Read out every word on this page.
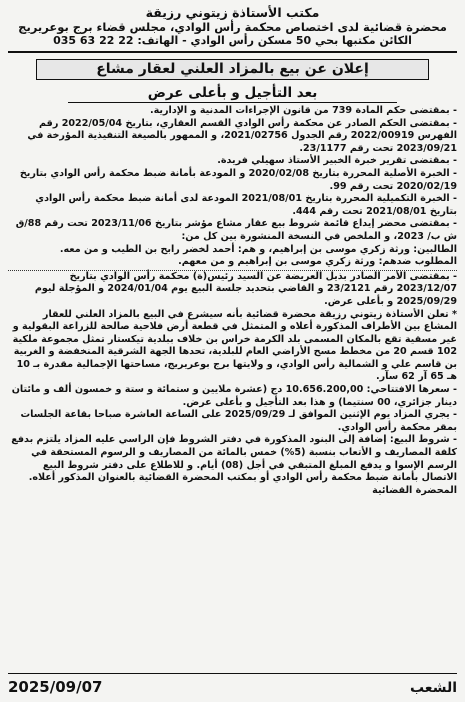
مكتب الأستاذة زيتوني رزيقة
محضرة قضائية لدى اختصاص محكمة رأس الوادي، مجلس قضاء برج بوعريريج
الكائن مكتبها بحي 50 مسكن رأس الوادي - الهاتف: 22 22 63 035
إعلان عن بيع بالمزاد العلني لعقار مشاع
بعد التأجيل و بأعلى عرض

- بمقتضى حكم المادة 739 من قانون الإجراءات المدنية و الإدارية.

- بمقتضى الحكم الصادر عن محكمة رأس الوادي القسم العقاري، بتاريخ 2022/05/04 رقم الفهرس 2022/00919 رقم الجدول 2021/02756، و الممهور بالصيغة التنفيذية المؤرخة في 2023/09/21 تحت رقم 23/1177.

- بمقتضى تقرير خبرة الخبير الأستاذ سهيلي فريدة.

- الخبرة الأصلية المحررة بتاريخ 2020/02/08 و المودعة بأمانة ضبط محكمة رأس الوادي بتاريخ 2020/02/19 تحت رقم 99.

- الخبرة التكميلية المحررة بتاريخ 2021/08/01 المودعة لدى أمانة ضبط محكمة رأس الوادي بتاريخ 2021/08/01 تحت رقم 444.

- بمقتضى محضر إيداع قائمة شروط بيع عقار مشاع مؤشر بتاريخ 2023/11/06 تحت رقم 88/ق ش ب/ 2023، و الملخص في النسخة المنشورة بين كل من:

الطالبين: ورثة زكري موسى بن إبراهيم، و هم: أحمد لخضر رابح بن الطيب و من معه.

المطلوب ضدهم: ورثة زكري موسى بن إبراهيم و من معهم.

- بمقتضى الأمر الصادر بذيل العريضة عن السيد رئيس(ة) محكمة رأس الوادي بتاريخ 2023/12/07 رقم 23/2121 و القاضي بتحديد جلسة البيع يوم 2024/01/04 و المؤجلة ليوم 2025/09/29 و بأعلى عرض.

* تعلن الأستاذة زيتوني رزيقة محضرة قضائية بأنه سيشرع في البيع بالمزاد العلني للعقار المشاع بين الأطراف المذكورة أعلاه و المتمثل في قطعة أرض فلاحية صالحة للزراعة البقولية و غير مسقية تقع بالمكان المسمى بلد الكرمة خراس بن خلاف ببلدية تيكستار تمثل مجموعة ملكية 102 قسم 20 من مخطط مسح الأراضي العام للبلدية، تحدها الجهة الشرقية المنخفضة و الغربية بن قاسم علي و الشمالية رأس الوادي، و ولايتها برج بوعريريج، مساحتها الإجمالية مقدرة بـ 10 هـ 65 آر 62 سآر.

- سعرها الافتتاحي: 10.656.200,00 دج (عشرة ملايين و ستمائة و ستة و خمسون ألف و مائتان دينار جزائري، 00 سنتيما) و هذا بعد التأجيل و بأعلى عرض.

- يجري المزاد يوم الإثنين الموافق لـ 2025/09/29 على الساعة العاشرة صباحا بقاعة الجلسات بمقر محكمة رأس الوادي.

- شروط البيع: إضافة إلى البنود المذكورة في دفتر الشروط فإن الراسي عليه المزاد يلتزم بدفع كلفة المصاريف و الأتعاب بنسبة (5%) خمس بالمائة من المصاريف و الرسوم المستحقة في الرسم الإسوا و يدفع المبلغ المتبقي في أجل (08) أيام. و للاطلاع على دفتر شروط البيع الاتصال بأمانة ضبط محكمة رأس الوادي أو بمكتب المحضرة القضائية بالعنوان المذكور أعلاه. المحضرة القضائية

2025/09/07	الشعب
